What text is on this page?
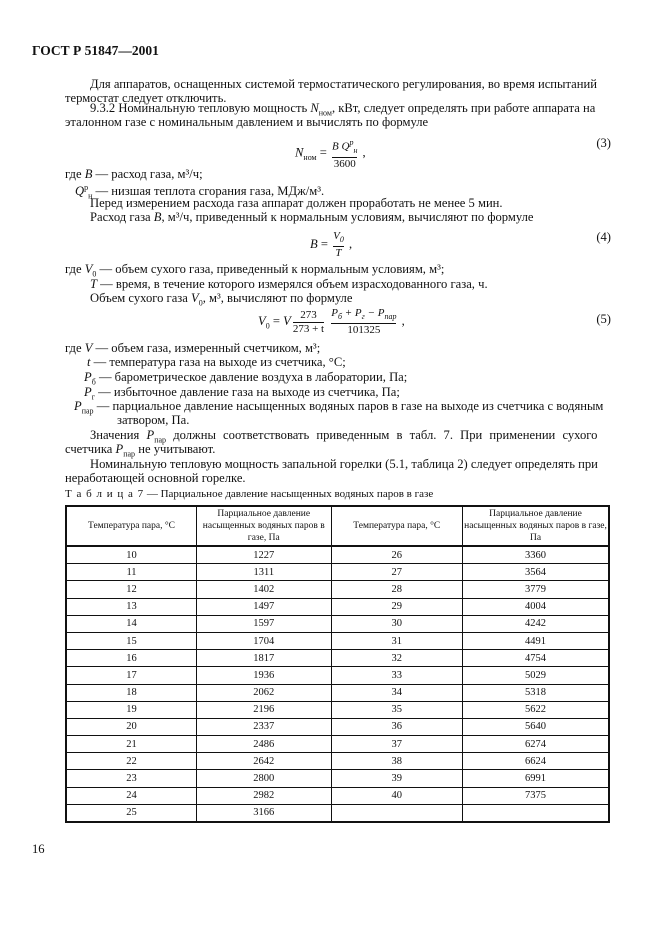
ГОСТ Р 51847—2001
Для аппаратов, оснащенных системой термостатического регулирования, во время испытаний
термостат следует отключить.
9.3.2 Номинальную тепловую мощность $N_{ном}$, кВт, следует определять при работе аппарата на
эталонном газе с номинальным давлением и вычислять по формуле
$N_{ном} = \frac{B Q^р_н}{3600}$ ,
(3)
где B — расход газа, м³/ч;
$Q^р_н$ — низшая теплота сгорания газа, МДж/м³.
Перед измерением расхода газа аппарат должен проработать не менее 5 мин.
Расход газа B, м³/ч, приведенный к нормальным условиям, вычисляют по формуле
$B = \frac{V_0}{T}$ ,	(4)
где $V_0$ — объем сухого газа, приведенный к нормальным условиям, м³;
T — время, в течение которого измерялся объем израсходованного газа, ч.
Объем сухого газа $V_0$, м³, вычисляют по формуле
$V_0 = V \frac{273}{273 + t}$
$\frac{P_б + P_г - P_{пар}}{101325}$ ,	(5)
где V — объем газа, измеренный счетчиком, м³;
t — температура газа на выходе из счетчика, °С;
$P_б$ — барометрическое давление воздуха в лаборатории, Па;
$P_г$ — избыточное давление газа на выходе из счетчика, Па;
$P_{пар}$ — парциальное давление насыщенных водяных паров в газе на выходе из счетчика с водяным
затвором, Па.
Значения $P_{пар}$ должны соответствовать приведенным в табл. 7. При применении сухого
счетчика $P_{пар}$ не учитывают.
Номинальную тепловую мощность запальной горелки (5.1, таблица 2) следует определять при
неработающей основной горелке.
Т а б л и ц а 7 — Парциальное давление насыщенных водяных паров в газе
Температура пара, °С	Парциальное давление насыщенных водяных паров в газе, Па	Температура пара, °С	Парциальное давление насыщенных водяных паров в газе, Па
10	1227	26	3360
11	1311	27	3564
12	1402	28	3779
13	1497	29	4004
14	1597	30	4242
15	1704	31	4491
16	1817	32	4754
17	1936	33	5029
18	2062	34	5318
19	2196	35	5622
20	2337	36	5640
21	2486	37	6274
22	2642	38	6624
23	2800	39	6991
24	2982	40	7375
25	3166		
16
